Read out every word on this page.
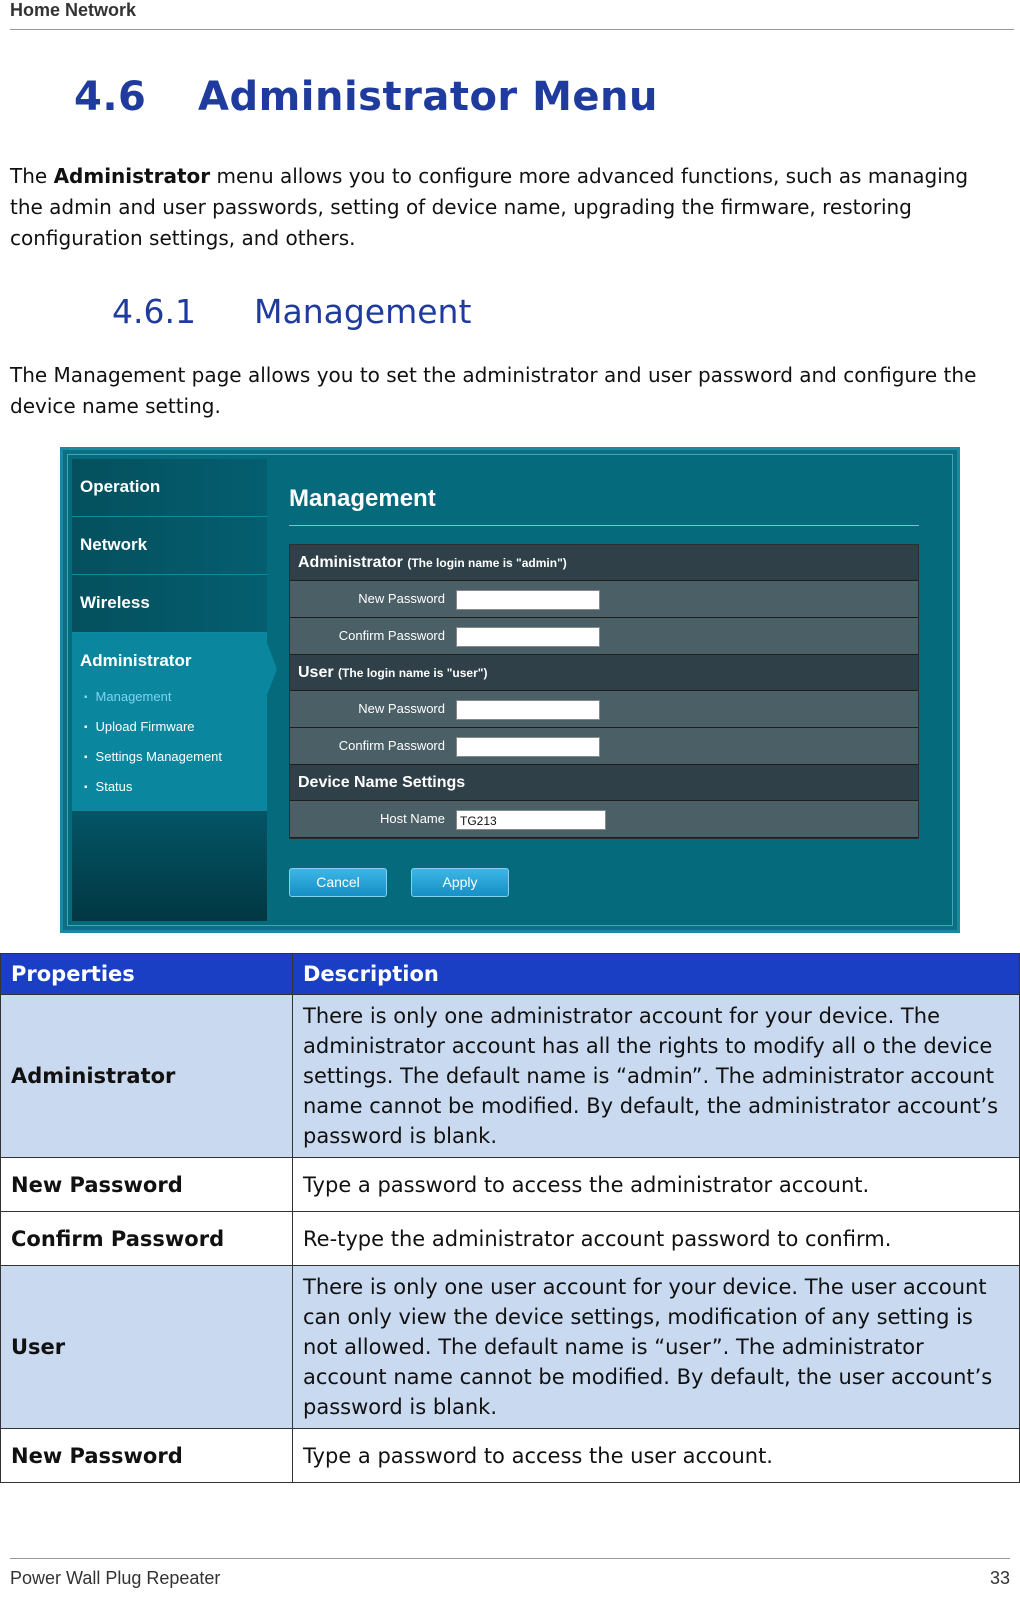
Home Network
4.6 Administrator Menu

The Administrator menu allows you to configure more advanced functions, such as managing the admin and user passwords, setting of device name, upgrading the firmware, restoring configuration settings, and others.

4.6.1 Management

The Management page allows you to set the administrator and user password and configure the device name setting.

Operation
Network
Wireless
Administrator
▪ Management
▪ Upload Firmware
▪ Settings Management
▪ Status
Management
Administrator (The login name is "admin")
New Password
Confirm Password
User (The login name is "user")
New Password
Confirm Password
Device Name Settings
Host Name	TG213
Cancel	Apply
Properties	Description
Administrator	There is only one administrator account for your device. The administrator account has all the rights to modify all o the device settings. The default name is “admin”. The administrator account name cannot be modified. By default, the administrator account’s password is blank.
New Password	Type a password to access the administrator account.
Confirm Password	Re-type the administrator account password to confirm.
User	There is only one user account for your device. The user account can only view the device settings, modification of any setting is not allowed. The default name is “user”. The administrator account name cannot be modified. By default, the user account’s password is blank.
New Password	Type a password to access the user account.
Power Wall Plug Repeater	33
